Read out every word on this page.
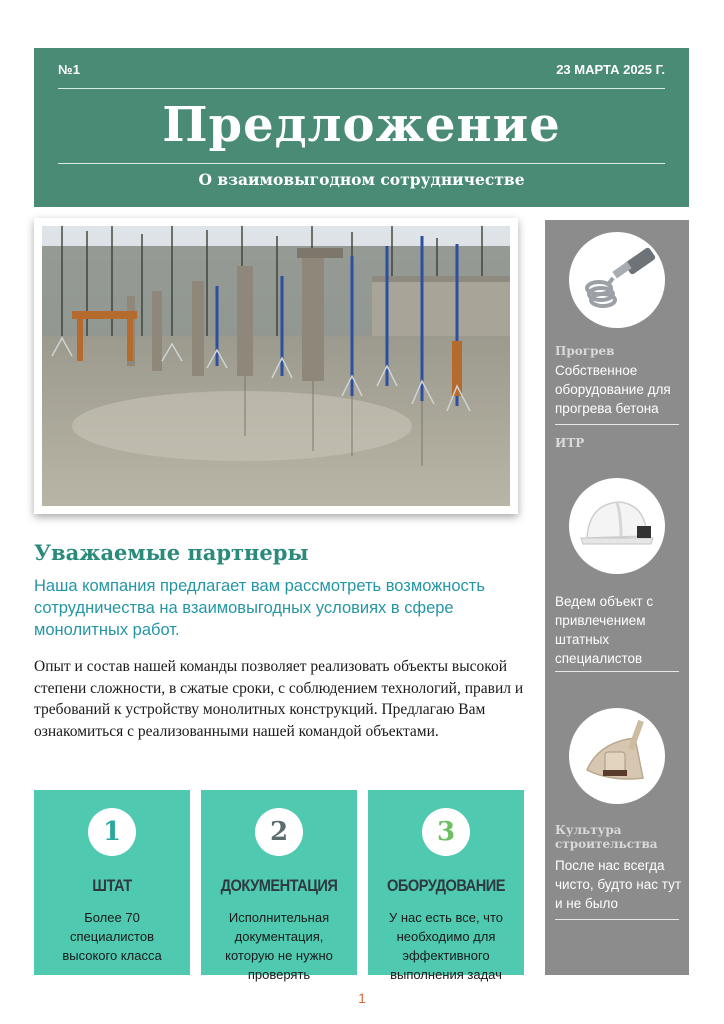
№1	23 МАРТА 2025 Г.
Предложение
О взаимовыгодном сотрудничестве
Уважаемые партнеры
Наша компания предлагает вам рассмотреть возможность сотрудничества на взаимовыгодных условиях в сфере монолитных работ.
Опыт и состав нашей команды позволяет реализовать объекты высокой степени сложности, в сжатые сроки, с соблюдением технологий, правил и требований к устройству монолитных конструкций. Предлагаю Вам ознакомиться с реализованными нашей командой объектами.
1
ШТАТ
Более 70 специалистов высокого класса
2
ДОКУМЕНТАЦИЯ
Исполнительная документация, которую не нужно проверять
3
ОБОРУДОВАНИЕ
У нас есть все, что необходимо для эффективного выполнения задач
Прогрев
Собственное оборудование для прогрева бетона
ИТР
Ведем объект с привлечением штатных специалистов
Культура строительства
После нас всегда чисто, будто нас тут и не было
1
